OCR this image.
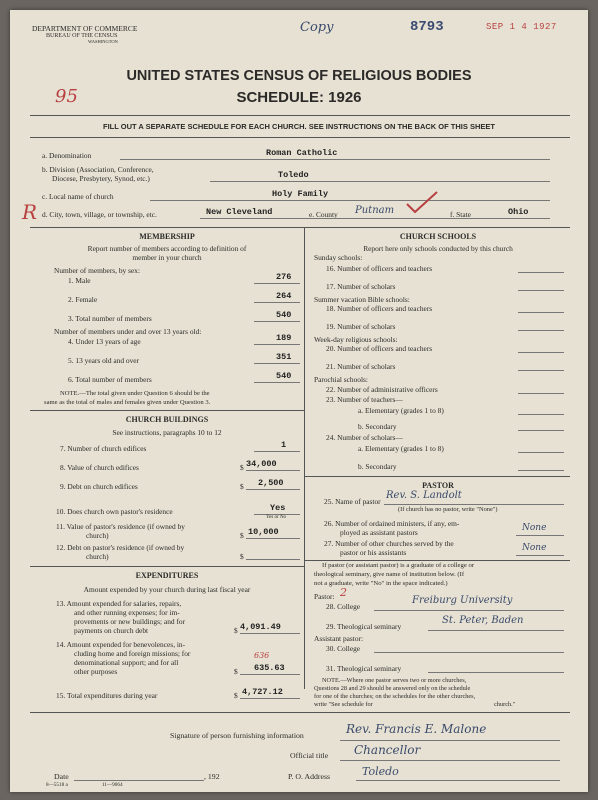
DEPARTMENT OF COMMERCE
BUREAU OF THE CENSUS
WASHINGTON
Copy	8793	SEP 1 4 1927
95
UNITED STATES CENSUS OF RELIGIOUS BODIES
SCHEDULE: 1926
FILL OUT A SEPARATE SCHEDULE FOR EACH CHURCH. SEE INSTRUCTIONS ON THE BACK OF THIS SHEET
a. Denomination	Roman Catholic
b. Division (Association, Conference,
Diocese, Presbytery, Synod, etc.)	Toledo
c. Local name of church	Holy Family
R d. City, town, village, or township, etc.	New Cleveland	e. County Putnam	f. State	Ohio
MEMBERSHIP
Report number of members according to definition of
member in your church
Number of members, by sex:
1. Male	276
2. Female	264
3. Total number of members	540
Number of members under and over 13 years old:
4. Under 13 years of age	189
5. 13 years old and over	351
6. Total number of members	540
NOTE.—The total given under Question 6 should be the
same as the total of males and females given under Question 3.
CHURCH BUILDINGS
See instructions, paragraphs 10 to 12
7. Number of church edifices	1
8. Value of church edifices	$ 34,000
9. Debt on church edifices	$ 2,500
10. Does church own pastor's residence	Yes
Yes or No
11. Value of pastor's residence (if owned by
church)	$ 10,000
12. Debt on pastor's residence (if owned by
church)	$
EXPENDITURES
Amount expended by your church during last fiscal year
13. Amount expended for salaries, repairs,
and other running expenses; for im-
provements or new buildings; and for
payments on church debt	$ 4,091.49
14. Amount expended for benevolences, in-
cluding home and foreign missions; for
denominational support; and for all
636
other purposes	$ 635.63
15. Total expenditures during year	$ 4,727.12
CHURCH SCHOOLS
Report here only schools conducted by this church
Sunday schools:
16. Number of officers and teachers
17. Number of scholars
Summer vacation Bible schools:
18. Number of officers and teachers
19. Number of scholars
Week-day religious schools:
20. Number of officers and teachers
21. Number of scholars
Parochial schools:
22. Number of administrative officers
23. Number of teachers—
a. Elementary (grades 1 to 8)
b. Secondary
24. Number of scholars—
a. Elementary (grades 1 to 8)
b. Secondary
PASTOR
25. Name of pastor
Rev. S. Landolt
(If church has no pastor, write "None")
26. Number of ordained ministers, if any, em-
ployed as assistant pastors	None
27. Number of other churches served by the
pastor or his assistants	None
If pastor (or assistant pastor) is a graduate of a college or
theological seminary, give name of institution below. (If
not a graduate, write "No" in the space indicated.)
Pastor: 2
28. College
Freiburg University
29. Theological seminary
St. Peter, Baden
Assistant pastor:
30. College
31. Theological seminary
NOTE.—Where one pastor serves two or more churches,
Questions 28 and 29 should be answered only on the schedule
for one of the churches; on the schedules for the other churches,
write "See schedule for	church."
Signature of person furnishing information	Rev. Francis E. Malone
Official title Chancellor
Date	, 192	P. O. Address	Toledo
8—5518 a	11—9064
